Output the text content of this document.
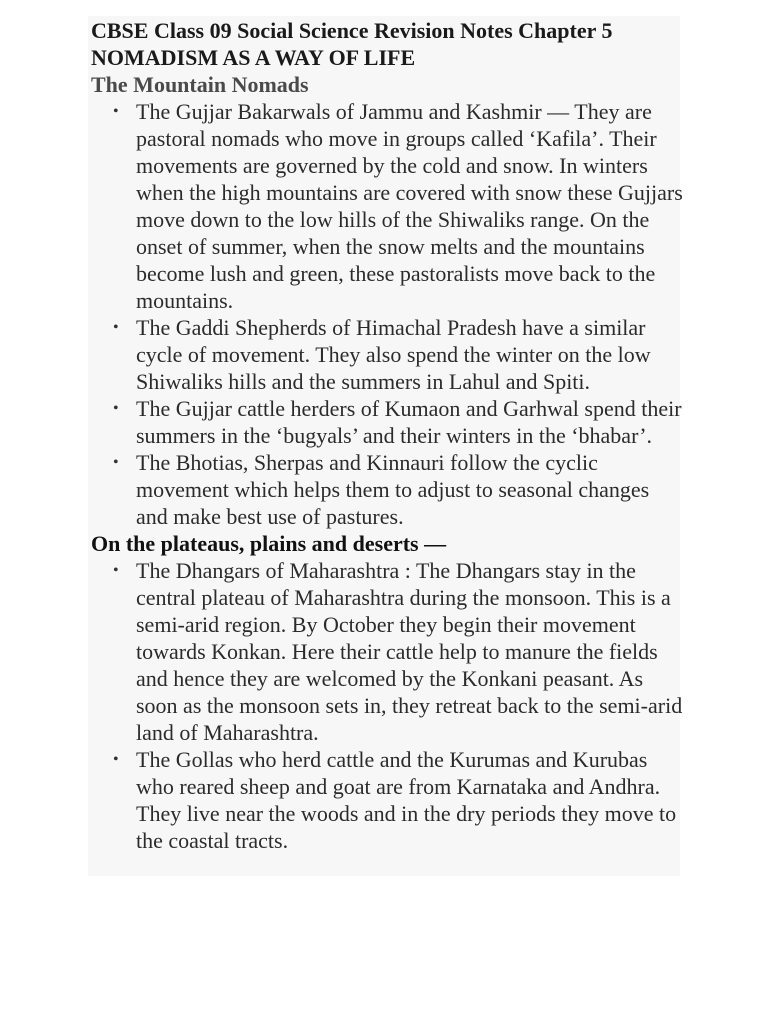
CBSE Class 09 Social Science Revision Notes Chapter 5

NOMADISM AS A WAY OF LIFE

The Mountain Nomads

• The Gujjar Bakarwals of Jammu and Kashmir — They are pastoral nomads who move in groups called ‘Kafila’. Their movements are governed by the cold and snow. In winters when the high mountains are covered with snow these Gujjars move down to the low hills of the Shiwaliks range. On the onset of summer, when the snow melts and the mountains become lush and green, these pastoralists move back to the mountains.
• The Gaddi Shepherds of Himachal Pradesh have a similar cycle of movement. They also spend the winter on the low Shiwaliks hills and the summers in Lahul and Spiti.
• The Gujjar cattle herders of Kumaon and Garhwal spend their summers in the ‘bugyals’ and their winters in the ‘bhabar’.
• The Bhotias, Sherpas and Kinnauri follow the cyclic movement which helps them to adjust to seasonal changes and make best use of pastures.

On the plateaus, plains and deserts —

• The Dhangars of Maharashtra : The Dhangars stay in the central plateau of Maharashtra during the monsoon. This is a semi-arid region. By October they begin their movement towards Konkan. Here their cattle help to manure the fields and hence they are welcomed by the Konkani peasant. As soon as the monsoon sets in, they retreat back to the semi-arid land of Maharashtra.
• The Gollas who herd cattle and the Kurumas and Kurubas who reared sheep and goat are from Karnataka and Andhra. They live near the woods and in the dry periods they move to the coastal tracts.
